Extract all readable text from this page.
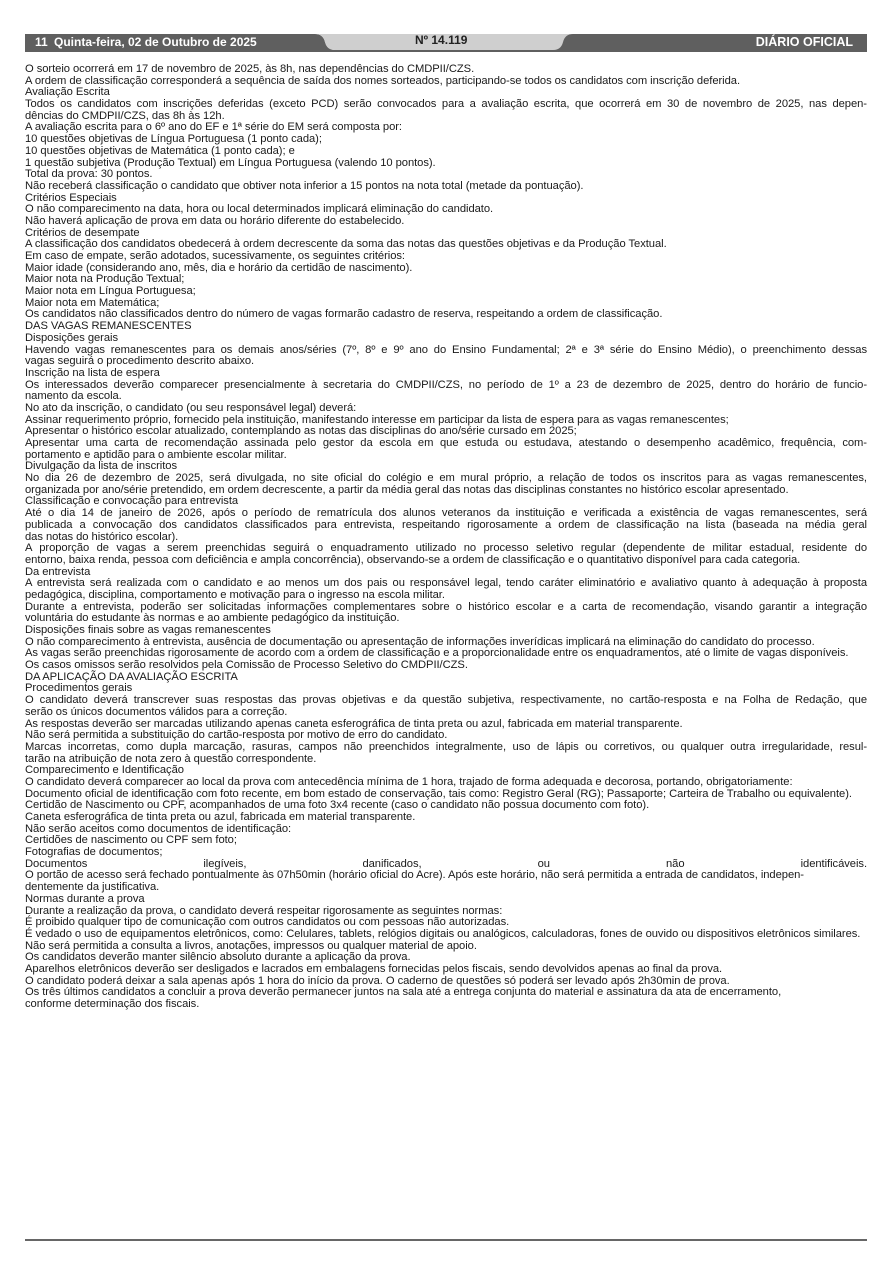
11 Quinta-feira, 02 de Outubro de 2025	Nº 14.119	DIÁRIO OFICIAL
O sorteio ocorrerá em 17 de novembro de 2025, às 8h, nas dependências do CMDPII/CZS.
A ordem de classificação corresponderá a sequência de saída dos nomes sorteados, participando-se todos os candidatos com inscrição deferida.
Avaliação Escrita
Todos os candidatos com inscrições deferidas (exceto PCD) serão convocados para a avaliação escrita, que ocorrerá em 30 de novembro de 2025, nas depen-
dências do CMDPII/CZS, das 8h às 12h.
A avaliação escrita para o 6º ano do EF e 1ª série do EM será composta por:
10 questões objetivas de Língua Portuguesa (1 ponto cada);
10 questões objetivas de Matemática (1 ponto cada); e
1 questão subjetiva (Produção Textual) em Língua Portuguesa (valendo 10 pontos).
Total da prova: 30 pontos.
Não receberá classificação o candidato que obtiver nota inferior a 15 pontos na nota total (metade da pontuação).
Critérios Especiais
O não comparecimento na data, hora ou local determinados implicará eliminação do candidato.
Não haverá aplicação de prova em data ou horário diferente do estabelecido.
Critérios de desempate
A classificação dos candidatos obedecerá à ordem decrescente da soma das notas das questões objetivas e da Produção Textual.
Em caso de empate, serão adotados, sucessivamente, os seguintes critérios:
Maior idade (considerando ano, mês, dia e horário da certidão de nascimento).
Maior nota na Produção Textual;
Maior nota em Língua Portuguesa;
Maior nota em Matemática;
Os candidatos não classificados dentro do número de vagas formarão cadastro de reserva, respeitando a ordem de classificação.
DAS VAGAS REMANESCENTES
Disposições gerais
Havendo vagas remanescentes para os demais anos/séries (7º, 8º e 9º ano do Ensino Fundamental; 2ª e 3ª série do Ensino Médio), o preenchimento dessas
vagas seguirá o procedimento descrito abaixo.
Inscrição na lista de espera
Os interessados deverão comparecer presencialmente à secretaria do CMDPII/CZS, no período de 1º a 23 de dezembro de 2025, dentro do horário de funcio-
namento da escola.
No ato da inscrição, o candidato (ou seu responsável legal) deverá:
Assinar requerimento próprio, fornecido pela instituição, manifestando interesse em participar da lista de espera para as vagas remanescentes;
Apresentar o histórico escolar atualizado, contemplando as notas das disciplinas do ano/série cursado em 2025;
Apresentar uma carta de recomendação assinada pelo gestor da escola em que estuda ou estudava, atestando o desempenho acadêmico, frequência, com-
portamento e aptidão para o ambiente escolar militar.
Divulgação da lista de inscritos
No dia 26 de dezembro de 2025, será divulgada, no site oficial do colégio e em mural próprio, a relação de todos os inscritos para as vagas remanescentes,
organizada por ano/série pretendido, em ordem decrescente, a partir da média geral das notas das disciplinas constantes no histórico escolar apresentado.
Classificação e convocação para entrevista
Até o dia 14 de janeiro de 2026, após o período de rematrícula dos alunos veteranos da instituição e verificada a existência de vagas remanescentes, será
publicada a convocação dos candidatos classificados para entrevista, respeitando rigorosamente a ordem de classificação na lista (baseada na média geral
das notas do histórico escolar).
A proporção de vagas a serem preenchidas seguirá o enquadramento utilizado no processo seletivo regular (dependente de militar estadual, residente do
entorno, baixa renda, pessoa com deficiência e ampla concorrência), observando-se a ordem de classificação e o quantitativo disponível para cada categoria.
Da entrevista
A entrevista será realizada com o candidato e ao menos um dos pais ou responsável legal, tendo caráter eliminatório e avaliativo quanto à adequação à proposta
pedagógica, disciplina, comportamento e motivação para o ingresso na escola militar.
Durante a entrevista, poderão ser solicitadas informações complementares sobre o histórico escolar e a carta de recomendação, visando garantir a integração
voluntária do estudante às normas e ao ambiente pedagógico da instituição.
Disposições finais sobre as vagas remanescentes
O não comparecimento à entrevista, ausência de documentação ou apresentação de informações inverídicas implicará na eliminação do candidato do processo.
As vagas serão preenchidas rigorosamente de acordo com a ordem de classificação e a proporcionalidade entre os enquadramentos, até o limite de vagas disponíveis.
Os casos omissos serão resolvidos pela Comissão de Processo Seletivo do CMDPII/CZS.
DA APLICAÇÃO DA AVALIAÇÃO ESCRITA
Procedimentos gerais
O candidato deverá transcrever suas respostas das provas objetivas e da questão subjetiva, respectivamente, no cartão-resposta e na Folha de Redação, que
serão os únicos documentos válidos para a correção.
As respostas deverão ser marcadas utilizando apenas caneta esferográfica de tinta preta ou azul, fabricada em material transparente.
Não será permitida a substituição do cartão-resposta por motivo de erro do candidato.
Marcas incorretas, como dupla marcação, rasuras, campos não preenchidos integralmente, uso de lápis ou corretivos, ou qualquer outra irregularidade, resul-
tarão na atribuição de nota zero à questão correspondente.
Comparecimento e Identificação
O candidato deverá comparecer ao local da prova com antecedência mínima de 1 hora, trajado de forma adequada e decorosa, portando, obrigatoriamente:
Documento oficial de identificação com foto recente, em bom estado de conservação, tais como: Registro Geral (RG); Passaporte; Carteira de Trabalho ou equivalente).
Certidão de Nascimento ou CPF, acompanhados de uma foto 3x4 recente (caso o candidato não possua documento com foto).
Caneta esferográfica de tinta preta ou azul, fabricada em material transparente.
Não serão aceitos como documentos de identificação:
Certidões de nascimento ou CPF sem foto;
Fotografias de documentos;
Documentos ilegíveis, danificados, ou não identificáveis.
O portão de acesso será fechado pontualmente às 07h50min (horário oficial do Acre). Após este horário, não será permitida a entrada de candidatos, indepen-
dentemente da justificativa.
Normas durante a prova
Durante a realização da prova, o candidato deverá respeitar rigorosamente as seguintes normas:
É proibido qualquer tipo de comunicação com outros candidatos ou com pessoas não autorizadas.
É vedado o uso de equipamentos eletrônicos, como: Celulares, tablets, relógios digitais ou analógicos, calculadoras, fones de ouvido ou dispositivos eletrônicos similares.
Não será permitida a consulta a livros, anotações, impressos ou qualquer material de apoio.
Os candidatos deverão manter silêncio absoluto durante a aplicação da prova.
Aparelhos eletrônicos deverão ser desligados e lacrados em embalagens fornecidas pelos fiscais, sendo devolvidos apenas ao final da prova.
O candidato poderá deixar a sala apenas após 1 hora do início da prova. O caderno de questões só poderá ser levado após 2h30min de prova.
Os três últimos candidatos a concluir a prova deverão permanecer juntos na sala até a entrega conjunta do material e assinatura da ata de encerramento,
conforme determinação dos fiscais.
